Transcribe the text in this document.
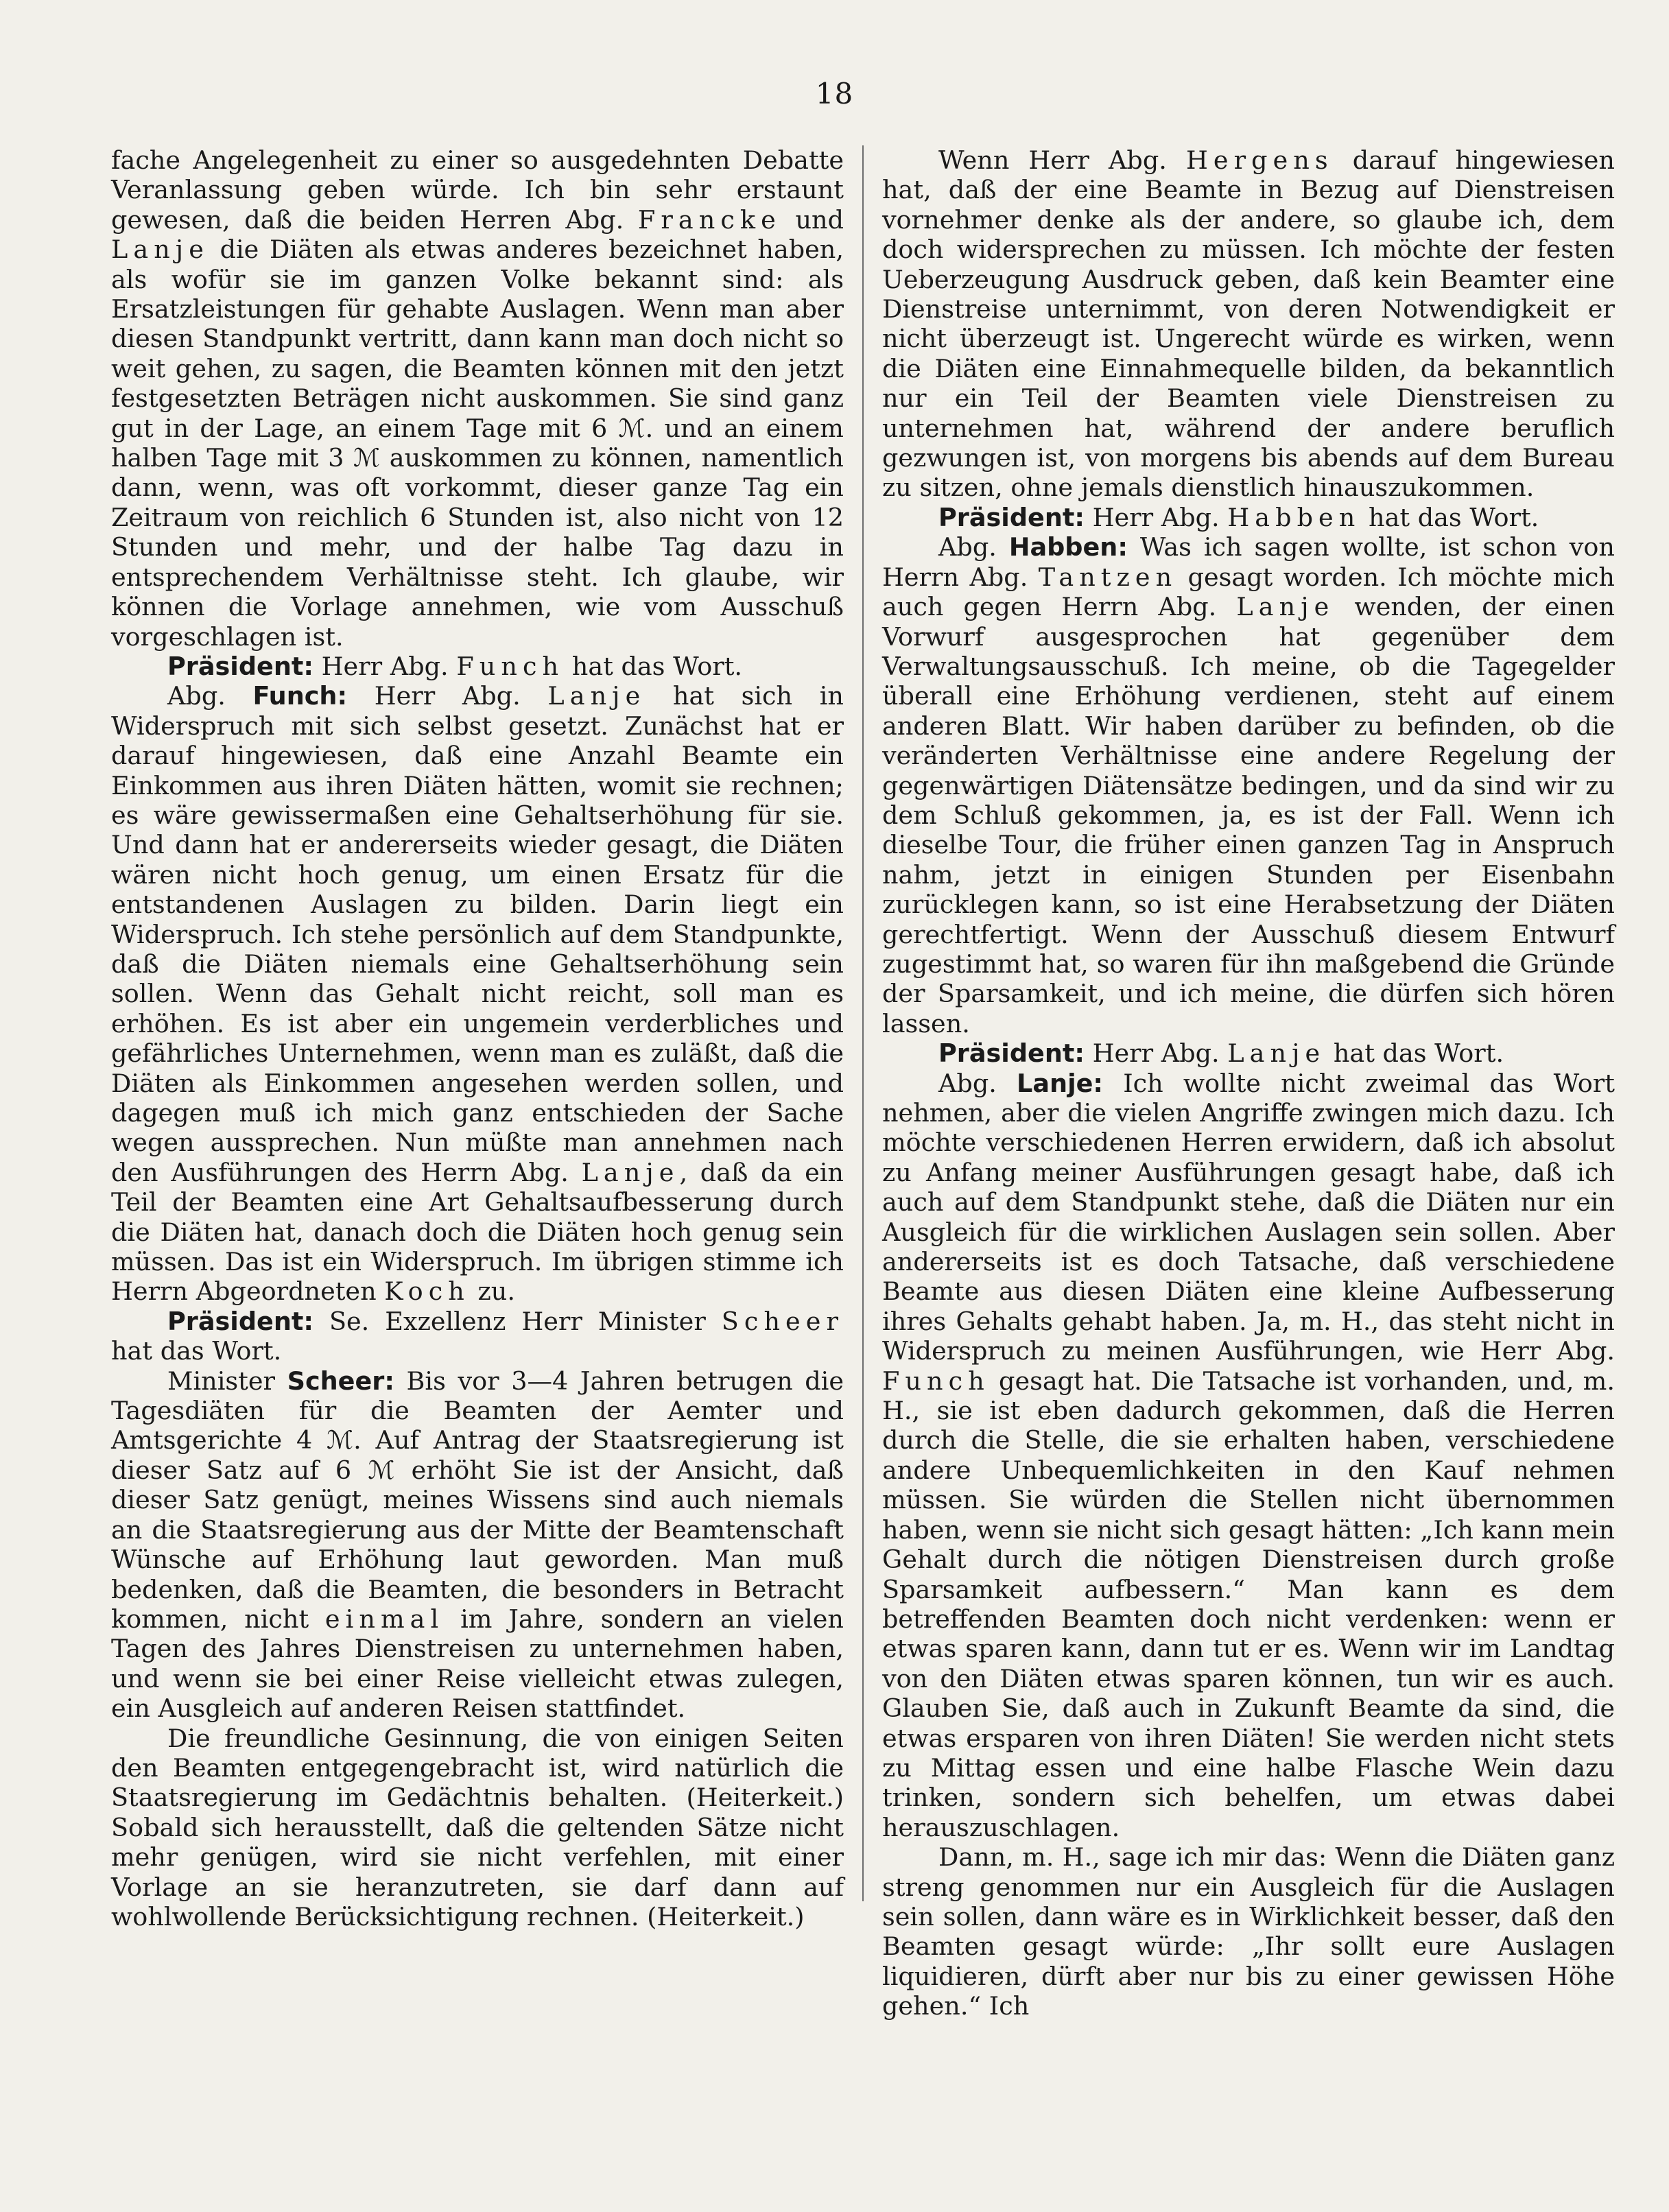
18

fache Angelegenheit zu einer so ausgedehnten Debatte Veranlassung geben würde. Ich bin sehr erstaunt gewesen, daß die beiden Herren Abg. Francke und Lanje die Diäten als etwas anderes bezeichnet haben, als wofür sie im ganzen Volke bekannt sind: als Ersatzleistungen für gehabte Auslagen. Wenn man aber diesen Standpunkt vertritt, dann kann man doch nicht so weit gehen, zu sagen, die Beamten können mit den jetzt festgesetzten Beträgen nicht auskommen. Sie sind ganz gut in der Lage, an einem Tage mit 6 ℳ. und an einem halben Tage mit 3 ℳ auskommen zu können, namentlich dann, wenn, was oft vorkommt, dieser ganze Tag ein Zeitraum von reichlich 6 Stunden ist, also nicht von 12 Stunden und mehr, und der halbe Tag dazu in entsprechendem Verhältnisse steht. Ich glaube, wir können die Vorlage annehmen, wie vom Ausschuß vorgeschlagen ist.

Präsident: Herr Abg. Funch hat das Wort.

Abg. Funch: Herr Abg. Lanje hat sich in Widerspruch mit sich selbst gesetzt. Zunächst hat er darauf hingewiesen, daß eine Anzahl Beamte ein Einkommen aus ihren Diäten hätten, womit sie rechnen; es wäre gewissermaßen eine Gehaltserhöhung für sie. Und dann hat er andererseits wieder gesagt, die Diäten wären nicht hoch genug, um einen Ersatz für die entstandenen Auslagen zu bilden. Darin liegt ein Widerspruch. Ich stehe persönlich auf dem Standpunkte, daß die Diäten niemals eine Gehaltserhöhung sein sollen. Wenn das Gehalt nicht reicht, soll man es erhöhen. Es ist aber ein ungemein verderbliches und gefährliches Unternehmen, wenn man es zuläßt, daß die Diäten als Einkommen angesehen werden sollen, und dagegen muß ich mich ganz entschieden der Sache wegen aussprechen. Nun müßte man annehmen nach den Ausführungen des Herrn Abg. Lanje, daß da ein Teil der Beamten eine Art Gehaltsaufbesserung durch die Diäten hat, danach doch die Diäten hoch genug sein müssen. Das ist ein Widerspruch. Im übrigen stimme ich Herrn Abgeordneten Koch zu.

Präsident: Se. Exzellenz Herr Minister Scheer hat das Wort.

Minister Scheer: Bis vor 3—4 Jahren betrugen die Tagesdiäten für die Beamten der Aemter und Amtsgerichte 4 ℳ. Auf Antrag der Staatsregierung ist dieser Satz auf 6 ℳ erhöht Sie ist der Ansicht, daß dieser Satz genügt, meines Wissens sind auch niemals an die Staatsregierung aus der Mitte der Beamtenschaft Wünsche auf Erhöhung laut geworden. Man muß bedenken, daß die Beamten, die besonders in Betracht kommen, nicht einmal im Jahre, sondern an vielen Tagen des Jahres Dienstreisen zu unternehmen haben, und wenn sie bei einer Reise vielleicht etwas zulegen, ein Ausgleich auf anderen Reisen stattfindet.

Die freundliche Gesinnung, die von einigen Seiten den Beamten entgegengebracht ist, wird natürlich die Staatsregierung im Gedächtnis behalten. (Heiterkeit.) Sobald sich herausstellt, daß die geltenden Sätze nicht mehr genügen, wird sie nicht verfehlen, mit einer Vorlage an sie heranzutreten, sie darf dann auf wohlwollende Berücksichtigung rechnen. (Heiterkeit.)

Wenn Herr Abg. Hergens darauf hingewiesen hat, daß der eine Beamte in Bezug auf Dienstreisen vornehmer denke als der andere, so glaube ich, dem doch widersprechen zu müssen. Ich möchte der festen Ueberzeugung Ausdruck geben, daß kein Beamter eine Dienstreise unternimmt, von deren Notwendigkeit er nicht überzeugt ist. Ungerecht würde es wirken, wenn die Diäten eine Einnahmequelle bilden, da bekanntlich nur ein Teil der Beamten viele Dienstreisen zu unternehmen hat, während der andere beruflich gezwungen ist, von morgens bis abends auf dem Bureau zu sitzen, ohne jemals dienstlich hinauszukommen.

Präsident: Herr Abg. Habben hat das Wort.

Abg. Habben: Was ich sagen wollte, ist schon von Herrn Abg. Tantzen gesagt worden. Ich möchte mich auch gegen Herrn Abg. Lanje wenden, der einen Vorwurf ausgesprochen hat gegenüber dem Verwaltungsausschuß. Ich meine, ob die Tagegelder überall eine Erhöhung verdienen, steht auf einem anderen Blatt. Wir haben darüber zu befinden, ob die veränderten Verhältnisse eine andere Regelung der gegenwärtigen Diätensätze bedingen, und da sind wir zu dem Schluß gekommen, ja, es ist der Fall. Wenn ich dieselbe Tour, die früher einen ganzen Tag in Anspruch nahm, jetzt in einigen Stunden per Eisenbahn zurücklegen kann, so ist eine Herabsetzung der Diäten gerechtfertigt. Wenn der Ausschuß diesem Entwurf zugestimmt hat, so waren für ihn maßgebend die Gründe der Sparsamkeit, und ich meine, die dürfen sich hören lassen.

Präsident: Herr Abg. Lanje hat das Wort.

Abg. Lanje: Ich wollte nicht zweimal das Wort nehmen, aber die vielen Angriffe zwingen mich dazu. Ich möchte verschiedenen Herren erwidern, daß ich absolut zu Anfang meiner Ausführungen gesagt habe, daß ich auch auf dem Standpunkt stehe, daß die Diäten nur ein Ausgleich für die wirklichen Auslagen sein sollen. Aber andererseits ist es doch Tatsache, daß verschiedene Beamte aus diesen Diäten eine kleine Aufbesserung ihres Gehalts gehabt haben. Ja, m. H., das steht nicht in Widerspruch zu meinen Ausführungen, wie Herr Abg. Funch gesagt hat. Die Tatsache ist vorhanden, und, m. H., sie ist eben dadurch gekommen, daß die Herren durch die Stelle, die sie erhalten haben, verschiedene andere Unbequemlichkeiten in den Kauf nehmen müssen. Sie würden die Stellen nicht übernommen haben, wenn sie nicht sich gesagt hätten: „Ich kann mein Gehalt durch die nötigen Dienstreisen durch große Sparsamkeit aufbessern.“ Man kann es dem betreffenden Beamten doch nicht verdenken: wenn er etwas sparen kann, dann tut er es. Wenn wir im Landtag von den Diäten etwas sparen können, tun wir es auch. Glauben Sie, daß auch in Zukunft Beamte da sind, die etwas ersparen von ihren Diäten! Sie werden nicht stets zu Mittag essen und eine halbe Flasche Wein dazu trinken, sondern sich behelfen, um etwas dabei herauszuschlagen.

Dann, m. H., sage ich mir das: Wenn die Diäten ganz streng genommen nur ein Ausgleich für die Auslagen sein sollen, dann wäre es in Wirklichkeit besser, daß den Beamten gesagt würde: „Ihr sollt eure Auslagen liquidieren, dürft aber nur bis zu einer gewissen Höhe gehen.“ Ich
